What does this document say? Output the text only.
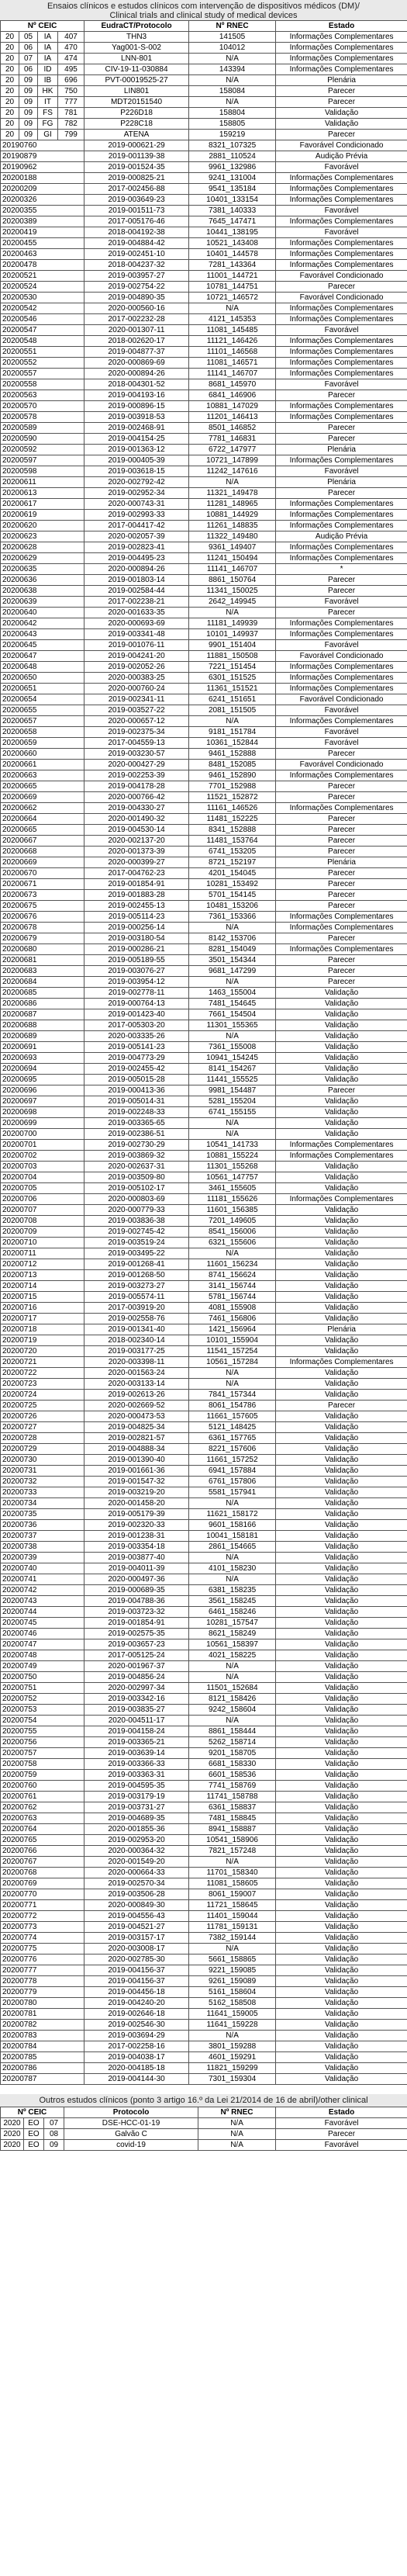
Ensaios clínicos e estudos clínicos com intervenção de dispositivos médicos (DM)/
Clinical trials and clinical study of medical devices
Nº CEIC				EudraCT/Protocolo	Nº RNEC	Estado
20	05	IA	407	THN3	141505	Informações Complementares
20	06	IA	470	Yag001-S-002	104012	Informações Complementares
20	07	IA	474	LNN-801	N/A	Informações Complementares
20	06	ID	495	CIV-19-11-030884	143394	Informações Complementares
20	09	IB	696	PVT-00019525-27	N/A	Plenária
20	09	HK	750	LIN801	158084	Parecer
20	09	IT	777	MDT20151540	N/A	Parecer
20	09	FS	781	P226D18	158804	Validação
20	09	FG	782	P228C18	158805	Validação
20	09	GI	799	ATENA	159219	Parecer
20190760				2019-000621-29	8321_107325	Favorável Condicionado
20190879				2019-001139-38	2881_110524	Audição Prévia
20190962				2019-001524-35	9961_132986	Favorável
20200188				2019-000825-21	9241_131004	Informações Complementares
20200209				2017-002456-88	9541_135184	Informações Complementares
20200326				2019-003649-23	10401_133154	Informações Complementares
20200355				2019-001511-73	7381_140333	Favorável
20200389				2017-005176-46	7645_147471	Informações Complementares
20200419				2018-004192-38	10441_138195	Favorável
20200455				2019-004884-42	10521_143408	Informações Complementares
20200463				2019-002451-10	10401_144578	Informações Complementares
20200478				2018-004237-32	7281_143364	Informações Complementares
20200521				2019-003957-27	11001_144721	Favorável Condicionado
20200524				2019-002754-22	10781_144751	Parecer
20200530				2019-004890-35	10721_146572	Favorável Condicionado
20200542				2020-000560-16	N/A	Informações Complementares
20200546				2017-002232-28	4121_145353	Informações Complementares
20200547				2020-001307-11	11081_145485	Favorável
20200548				2018-002620-17	11121_146426	Informações Complementares
20200551				2019-004877-37	11101_146568	Informações Complementares
20200552				2020-000869-69	11081_146571	Informações Complementares
20200557				2020-000894-26	11141_146707	Informações Complementares
20200558				2018-004301-52	8681_145970	Favorável
20200563				2019-004193-16	6841_146906	Parecer
20200570				2019-000896-15	10881_147029	Informações Complementares
20200578				2019-003918-53	11201_146413	Informações Complementares
20200589				2019-002468-91	8501_146852	Parecer
20200590				2019-004154-25	7781_146831	Parecer
20200592				2019-001363-12	6722_147977	Plenária
20200597				2019-000405-39	10721_147899	Informações Complementares
20200598				2019-003618-15	11242_147616	Favorável
20200611				2020-002792-42	N/A	Plenária
20200613				2019-002952-34	11321_149478	Parecer
20200617				2020-000743-31	11281_148965	Informações Complementares
20200619				2019-002993-33	10881_144929	Informações Complementares
20200620				2017-004417-42	11261_148835	Informações Complementares
20200623				2020-002057-39	11322_149480	Audição Prévia
20200628				2019-002823-41	9361_149407	Informações Complementares
20200629				2019-004495-23	11241_150494	Informações Complementares
20200635				2020-000894-26	11141_146707	*
20200636				2019-001803-14	8861_150764	Parecer
20200638				2019-002584-44	11341_150025	Parecer
20200639				2017-002238-21	2642_149945	Favorável
20200640				2020-001633-35	N/A	Parecer
20200642				2020-000693-69	11181_149939	Informações Complementares
20200643				2019-003341-48	10101_149937	Informações Complementares
20200645				2019-001076-11	9901_151404	Favorável
20200647				2019-004241-20	11881_150508	Favorável Condicionado
20200648				2019-002052-26	7221_151454	Informações Complementares
20200650				2020-000383-25	6301_151525	Informações Complementares
20200651				2020-000760-24	11361_151521	Informações Complementares
20200654				2019-002341-11	6241_151651	Favorável Condicionado
20200655				2019-003527-22	2081_151505	Favorável
20200657				2020-000657-12	N/A	Informações Complementares
20200658				2019-002375-34	9181_151784	Favorável
20200659				2017-004559-13	10361_152844	Favorável
20200660				2019-003230-57	9461_152888	Parecer
20200661				2020-000427-29	8481_152085	Favorável Condicionado
20200663				2019-002253-39	9461_152890	Informações Complementares
20200665				2019-004178-28	7701_152988	Parecer
20200669				2020-000766-42	11521_152872	Parecer
20200662				2019-004330-27	11161_146526	Informações Complementares
20200664				2020-001490-32	11481_152225	Parecer
20200665				2019-004530-14	8341_152888	Parecer
20200667				2020-002137-20	11481_153764	Parecer
20200668				2020-001373-39	6741_153205	Parecer
20200669				2020-000399-27	8721_152197	Plenária
20200670				2017-004762-23	4201_154045	Parecer
20200671				2019-001854-91	10281_153492	Parecer
20200673				2019-001883-28	5701_154145	Parecer
20200675				2019-002455-13	10481_153206	Parecer
20200676				2019-005114-23	7361_153366	Informações Complementares
20200678				2019-000256-14	N/A	Informações Complementares
20200679				2019-003180-54	8142_153706	Parecer
20200680				2019-000286-21	8281_154049	Informações Complementares
20200681				2019-005189-55	3501_154344	Parecer
20200683				2019-003076-27	9681_147299	Parecer
20200684				2019-003954-12	N/A	Parecer
20200685				2019-002778-11	1463_155004	Validação
20200686				2019-000764-13	7481_154645	Validação
20200687				2019-001423-40	7661_154504	Validação
20200688				2017-005303-20	11301_155365	Validação
20200689				2020-003335-26	N/A	Validação
20200691				2019-005141-23	7361_155008	Validação
20200693				2019-004773-29	10941_154245	Validação
20200694				2019-002455-42	8141_154267	Validação
20200695				2019-005015-28	11441_155525	Validação
20200696				2019-000413-36	9981_154487	Parecer
20200697				2019-005014-31	5281_155204	Validação
20200698				2019-002248-33	6741_155155	Validação
20200699				2019-003365-65	N/A	Validação
20200700				2019-002386-51	N/A	Validação
20200701				2019-002730-29	10541_141733	Informações Complementares
20200702				2019-003869-32	10881_155224	Informações Complementares
20200703				2020-002637-31	11301_155268	Validação
20200704				2019-003509-80	10561_147757	Validação
20200705				2019-005102-17	3461_155605	Validação
20200706				2020-000803-69	11181_155626	Informações Complementares
20200707				2020-000779-33	11601_156385	Validação
20200708				2019-003836-38	7201_149605	Validação
20200709				2019-002745-42	8541_156006	Validação
20200710				2019-003519-24	6321_155606	Validação
20200711				2019-003495-22	N/A	Validação
20200712				2019-001268-41	11601_156234	Validação
20200713				2019-001268-50	8741_156624	Validação
20200714				2019-003273-27	3141_156744	Validação
20200715				2019-005574-11	5781_156744	Validação
20200716				2017-003919-20	4081_155908	Validação
20200717				2019-002558-76	7461_156806	Validação
20200718				2019-001341-40	1421_156964	Plenária
20200719				2018-002340-14	10101_155904	Validação
20200720				2019-003177-25	11541_157254	Validação
20200721				2020-003398-11	10561_157284	Informações Complementares
20200722				2020-001563-24	N/A	Validação
20200723				2020-003133-14	N/A	Validação
20200724				2019-002613-26	7841_157344	Validação
20200725				2020-002669-52	8061_154786	Parecer
20200726				2020-000473-53	11661_157605	Validação
20200727				2019-004825-34	5121_148425	Validação
20200728				2019-002821-57	6361_157765	Validação
20200729				2019-004888-34	8221_157606	Validação
20200730				2019-001390-40	11661_157252	Validação
20200731				2019-001661-36	6941_157884	Validação
20200732				2019-001547-32	6761_157806	Validação
20200733				2019-003219-20	5581_157941	Validação
20200734				2020-001458-20	N/A	Validação
20200735				2019-005179-39	11621_158172	Validação
20200736				2019-002320-33	9601_158166	Validação
20200737				2019-001238-31	10041_158181	Validação
20200738				2019-003354-18	2861_154665	Validação
20200739				2019-003877-40	N/A	Validação
20200740				2019-004011-39	4101_158230	Validação
20200741				2020-000497-36	N/A	Validação
20200742				2019-000689-35	6381_158235	Validação
20200743				2019-004788-36	3561_158245	Validação
20200744				2019-003723-32	6461_158246	Validação
20200745				2019-001854-91	10281_157547	Validação
20200746				2019-002575-35	8621_158249	Validação
20200747				2019-003657-23	10561_158397	Validação
20200748				2017-005125-24	4021_158225	Validação
20200749				2020-001967-37	N/A	Validação
20200750				2019-004856-24	N/A	Validação
20200751				2020-002997-34	11501_152684	Validação
20200752				2019-003342-16	8121_158426	Validação
20200753				2019-003835-27	9242_158604	Validação
20200754				2020-004511-17	N/A	Validação
20200755				2019-004158-24	8861_158444	Validação
20200756				2019-003365-21	5262_158714	Validação
20200757				2019-003639-14	9201_158705	Validação
20200758				2019-003366-33	6681_158330	Validação
20200759				2019-003363-31	6601_158536	Validação
20200760				2019-004595-35	7741_158769	Validação
20200761				2019-003179-19	11741_158788	Validação
20200762				2019-003731-27	6361_158837	Validação
20200763				2019-004689-35	7481_158845	Validação
20200764				2020-001855-36	8941_158887	Validação
20200765				2019-002953-20	10541_158906	Validação
20200766				2020-000364-32	7821_157248	Validação
20200767				2020-001549-20	N/A	Validação
20200768				2020-000664-33	11701_158340	Validação
20200769				2019-002570-34	11081_158605	Validação
20200770				2019-003506-28	8061_159007	Validação
20200771				2020-000849-30	11721_158645	Validação
20200772				2019-004556-43	11401_159044	Validação
20200773				2019-004521-27	11781_159131	Validação
20200774				2019-003157-17	7382_159144	Validação
20200775				2020-003008-17	N/A	Validação
20200776				2020-002785-30	5661_158865	Validação
20200777				2019-004156-37	9221_159085	Validação
20200778				2019-004156-37	9261_159089	Validação
20200779				2019-004456-18	5161_158604	Validação
20200780				2019-004240-20	5162_158508	Validação
20200781				2019-002646-18	11641_159005	Validação
20200782				2019-002546-30	11641_159228	Validação
20200783				2019-003694-29	N/A	Validação
20200784				2017-002258-16	3801_159288	Validação
20200785				2019-004038-17	4601_159291	Validação
20200786				2020-004185-18	11821_159299	Validação
20200787				2019-004144-30	7301_159304	Validação
Outros estudos clínicos (ponto 3 artigo 16.º da Lei 21/2014 de 16 de abril)/other clinical
Nº CEIC			Protocolo	Nº RNEC	Estado
2020	EO	07	DSE-HCC-01-19	N/A	Favorável
2020	EO	08	Galvão C	N/A	Parecer
2020	EO	09	covid-19	N/A	Favorável
